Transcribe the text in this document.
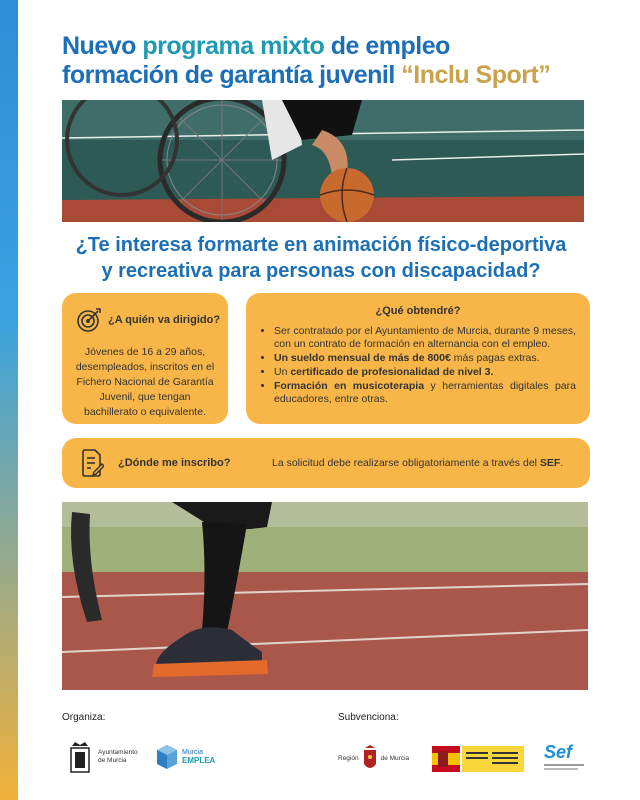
Nuevo programa mixto de empleo
formación de garantía juvenil “Inclu Sport”
¿Te interesa formarte en animación físico-deportiva
y recreativa para personas con discapacidad?
¿A quién va dirigido?

Jóvenes de 16 a 29 años, desempleados, inscritos en el Fichero Nacional de Garantía Juvenil, que tengan bachillerato o equivalente.

¿Qué obtendré?
• Ser contratado por el Ayuntamiento de Murcia, durante 9 meses, con un contrato de formación en alternancia con el empleo.
• Un sueldo mensual de más de 800€ más pagas extras.
• Un certificado de profesionalidad de nivel 3.
• Formación en musicoterapia y herramientas digitales para educadores, entre otras.
¿Dónde me inscribo?	La solicitud debe realizarse obligatoriamente a través del SEF.
Organiza:	Subvenciona:
Ayuntamiento
de Murcia
Murcia
EMPLEA	Región	de Murcia	Sef
